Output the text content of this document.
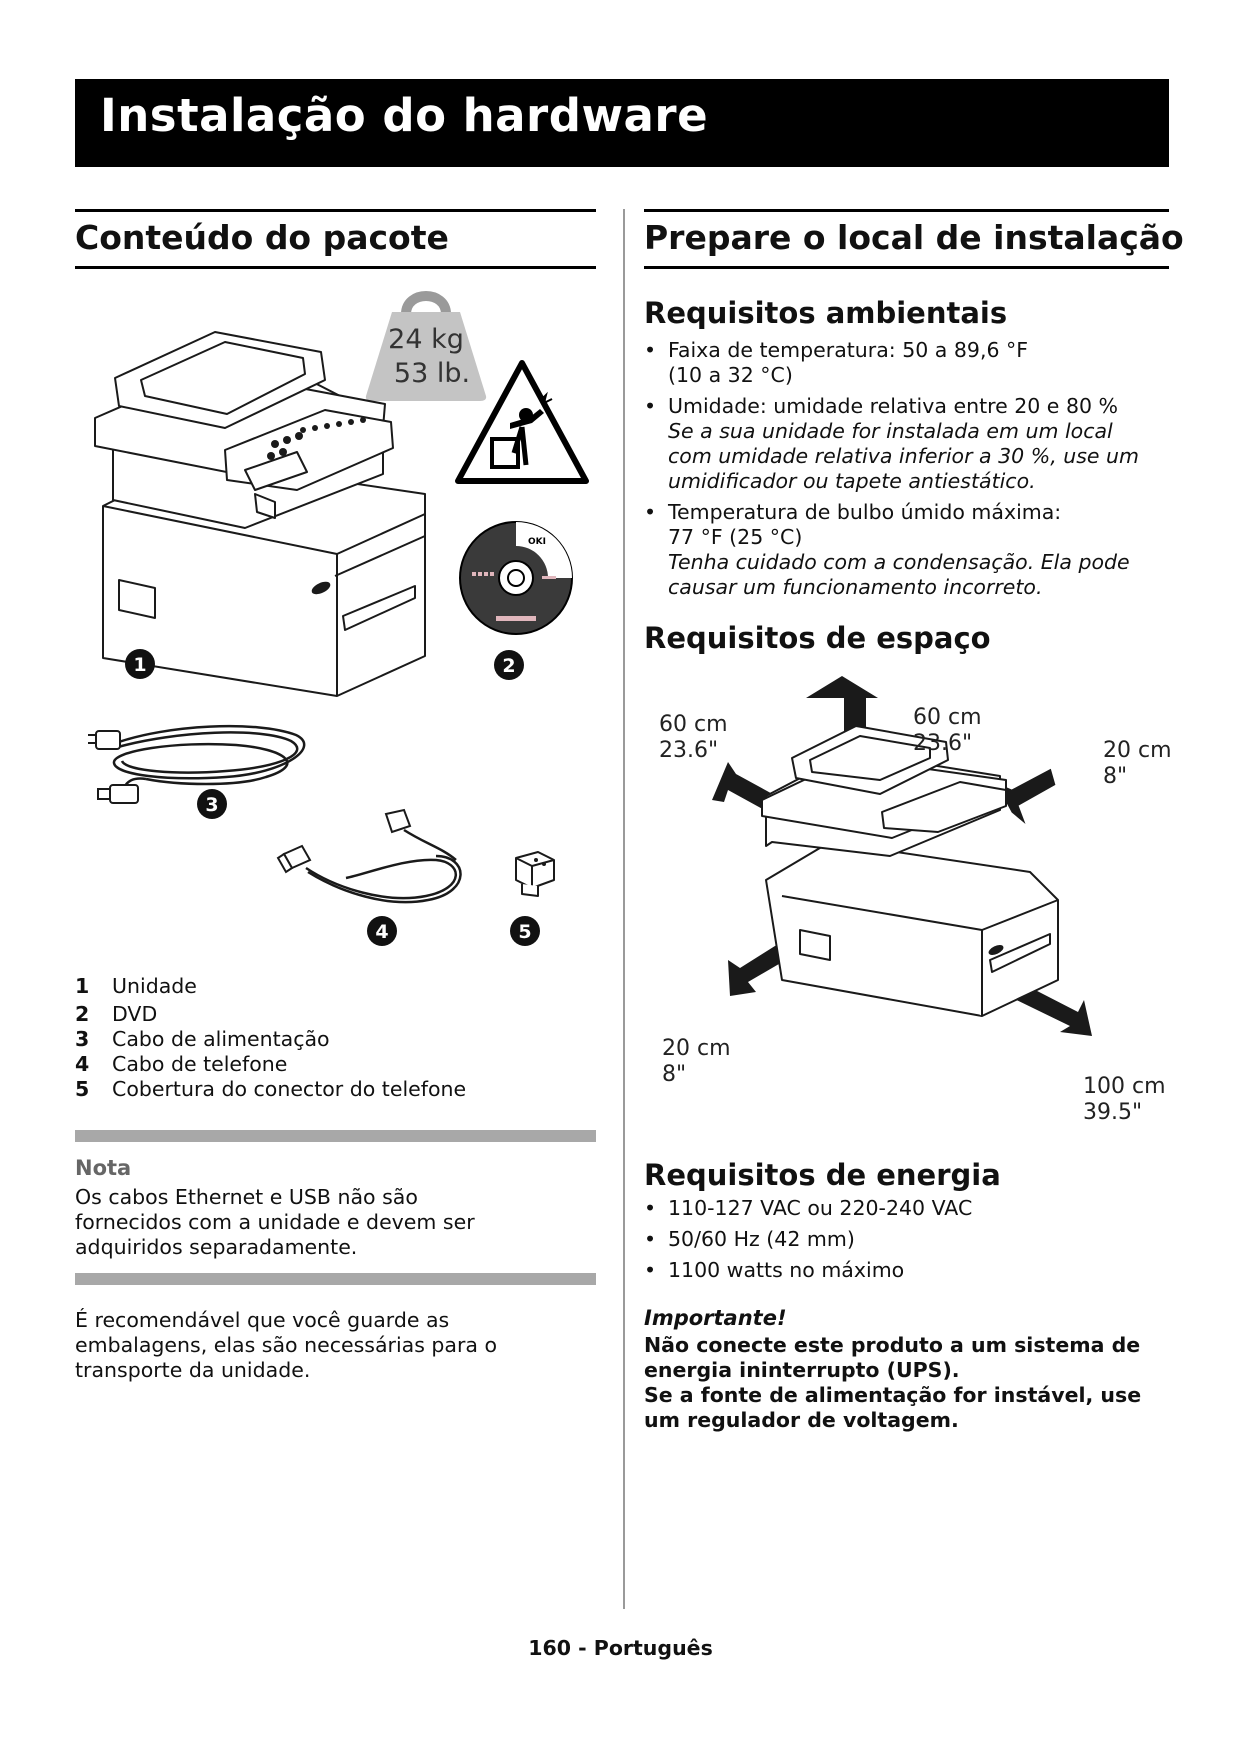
Instalação do hardware
Conteúdo do pacote
24 kg
53 lb.
OKI
1	2
3
4	5
1 Unidade
2 DVD
3 Cabo de alimentação
4 Cabo de telefone
5 Cobertura do conector do telefone
Nota
Os cabos Ethernet e USB não são
fornecidos com a unidade e devem ser
adquiridos separadamente.
É recomendável que você guarde as
embalagens, elas são necessárias para o
transporte da unidade.
Prepare o local de instalação
Requisitos ambientais
• Faixa de temperatura: 50 a 89,6 °F
(10 a 32 °C)
• Umidade: umidade relativa entre 20 e 80 %
Se a sua unidade for instalada em um local
com umidade relativa inferior a 30 %, use um
umidificador ou tapete antiestático.
• Temperatura de bulbo úmido máxima:
77 °F (25 °C)
Tenha cuidado com a condensação. Ela pode
causar um funcionamento incorreto.
Requisitos de espaço
60 cm
23.6"
60 cm
23.6"	20 cm
8"
20 cm
8"	100 cm
39.5"
Requisitos de energia
• 110-127 VAC ou 220-240 VAC
• 50/60 Hz (42 mm)
• 1100 watts no máximo
Importante!
Não conecte este produto a um sistema de
energia ininterrupto (UPS).
Se a fonte de alimentação for instável, use
um regulador de voltagem.
160 - Português
